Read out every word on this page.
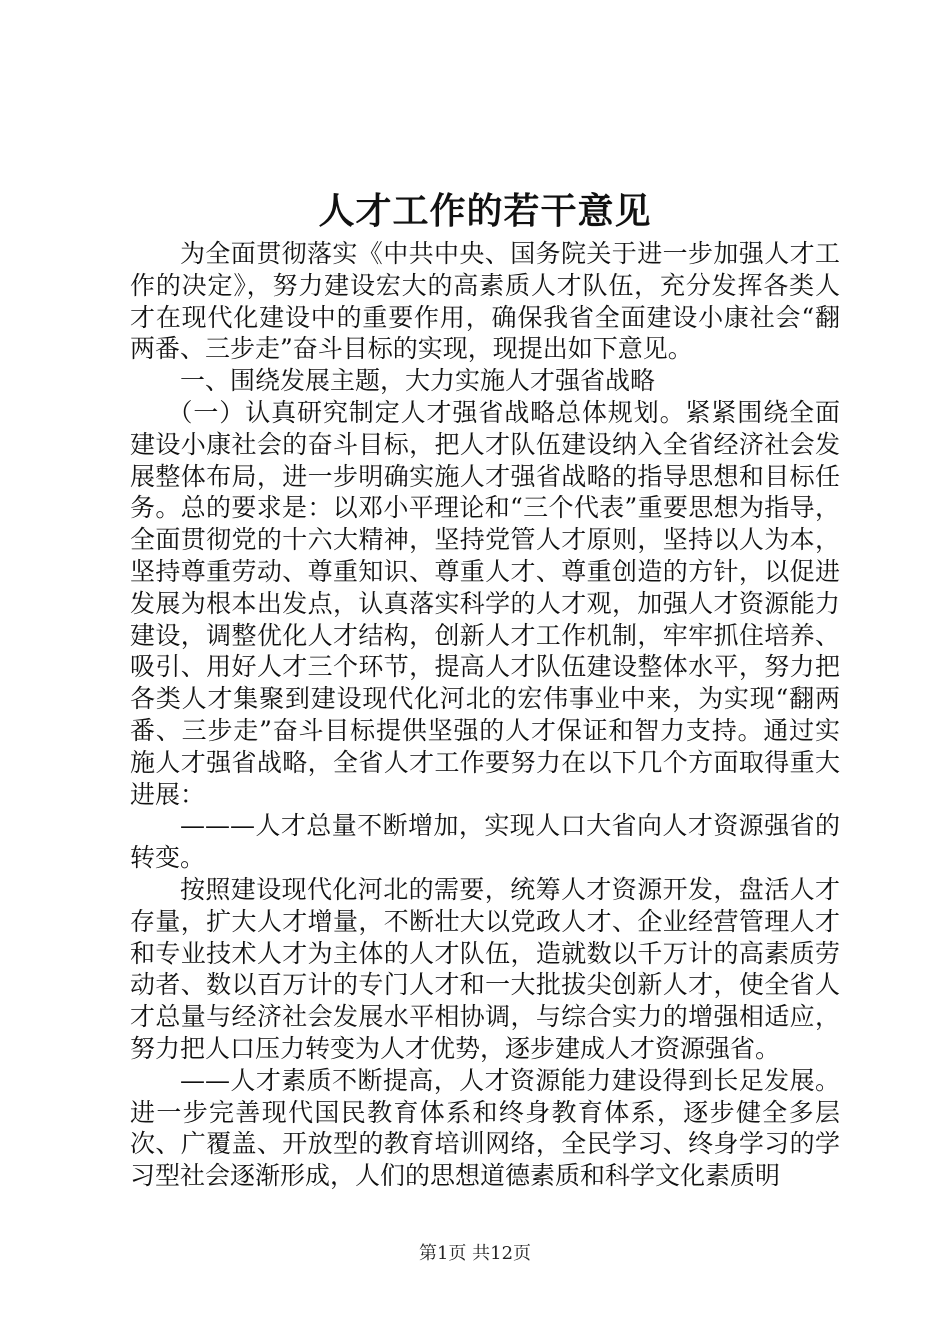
人才工作的若干意见

为全面贯彻落实《中共中央、国务院关于进一步加强人才工作的决定》，努力建设宏大的高素质人才队伍，充分发挥各类人才在现代化建设中的重要作用，确保我省全面建设小康社会“翻两番、三步走”奋斗目标的实现，现提出如下意见。

一、围绕发展主题，大力实施人才强省战略

（一）认真研究制定人才强省战略总体规划。紧紧围绕全面建设小康社会的奋斗目标，把人才队伍建设纳入全省经济社会发展整体布局，进一步明确实施人才强省战略的指导思想和目标任务。总的要求是：以邓小平理论和“三个代表”重要思想为指导，全面贯彻党的十六大精神，坚持党管人才原则，坚持以人为本，坚持尊重劳动、尊重知识、尊重人才、尊重创造的方针，以促进发展为根本出发点，认真落实科学的人才观，加强人才资源能力建设，调整优化人才结构，创新人才工作机制，牢牢抓住培养、吸引、用好人才三个环节，提高人才队伍建设整体水平，努力把各类人才集聚到建设现代化河北的宏伟事业中来，为实现“翻两番、三步走”奋斗目标提供坚强的人才保证和智力支持。通过实施人才强省战略，全省人才工作要努力在以下几个方面取得重大进展：

———人才总量不断增加，实现人口大省向人才资源强省的转变。

按照建设现代化河北的需要，统筹人才资源开发，盘活人才存量，扩大人才增量，不断壮大以党政人才、企业经营管理人才和专业技术人才为主体的人才队伍，造就数以千万计的高素质劳动者、数以百万计的专门人才和一大批拔尖创新人才，使全省人才总量与经济社会发展水平相协调，与综合实力的增强相适应，努力把人口压力转变为人才优势，逐步建成人才资源强省。

——人才素质不断提高，人才资源能力建设得到长足发展。进一步完善现代国民教育体系和终身教育体系，逐步健全多层次、广覆盖、开放型的教育培训网络，全民学习、终身学习的学习型社会逐渐形成，人们的思想道德素质和科学文化素质明

第1页 共12页
